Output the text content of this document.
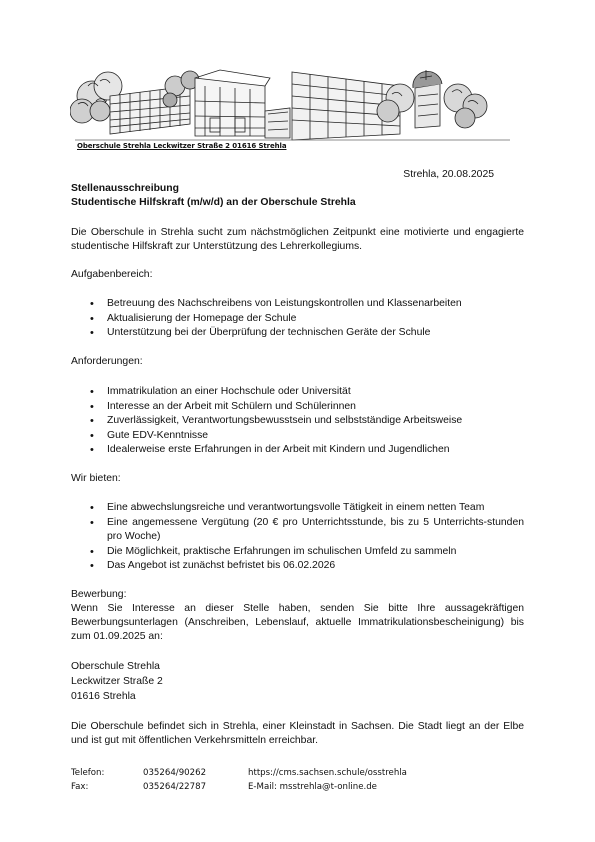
Oberschule Strehla Leckwitzer Straße 2 01616 Strehla
Strehla, 20.08.2025
Stellenausschreibung
Studentische Hilfskraft (m/w/d) an der Oberschule Strehla
Die Oberschule in Strehla sucht zum nächstmöglichen Zeitpunkt eine motivierte und engagierte studentische Hilfskraft zur Unterstützung des Lehrerkollegiums.
Aufgabenbereich:
• Betreuung des Nachschreibens von Leistungskontrollen und Klassenarbeiten
• Aktualisierung der Homepage der Schule
• Unterstützung bei der Überprüfung der technischen Geräte der Schule
Anforderungen:
• Immatrikulation an einer Hochschule oder Universität
• Interesse an der Arbeit mit Schülern und Schülerinnen
• Zuverlässigkeit, Verantwortungsbewusstsein und selbstständige Arbeitsweise
• Gute EDV-Kenntnisse
• Idealerweise erste Erfahrungen in der Arbeit mit Kindern und Jugendlichen
Wir bieten:
• Eine abwechslungsreiche und verantwortungsvolle Tätigkeit in einem netten Team
• Eine angemessene Vergütung (20 € pro Unterrichtsstunde, bis zu 5 Unterrichts-stunden pro Woche)
• Die Möglichkeit, praktische Erfahrungen im schulischen Umfeld zu sammeln
• Das Angebot ist zunächst befristet bis 06.02.2026
Bewerbung:
Wenn Sie Interesse an dieser Stelle haben, senden Sie bitte Ihre aussagekräftigen Bewerbungsunterlagen (Anschreiben, Lebenslauf, aktuelle Immatrikulationsbescheinigung) bis zum 01.09.2025 an:
Oberschule Strehla
Leckwitzer Straße 2
01616 Strehla
Die Oberschule befindet sich in Strehla, einer Kleinstadt in Sachsen. Die Stadt liegt an der Elbe und ist gut mit öffentlichen Verkehrsmitteln erreichbar.
Telefon:	035264/90262	https://cms.sachsen.schule/osstrehla
Fax:	035264/22787	E-Mail: msstrehla@t-online.de
